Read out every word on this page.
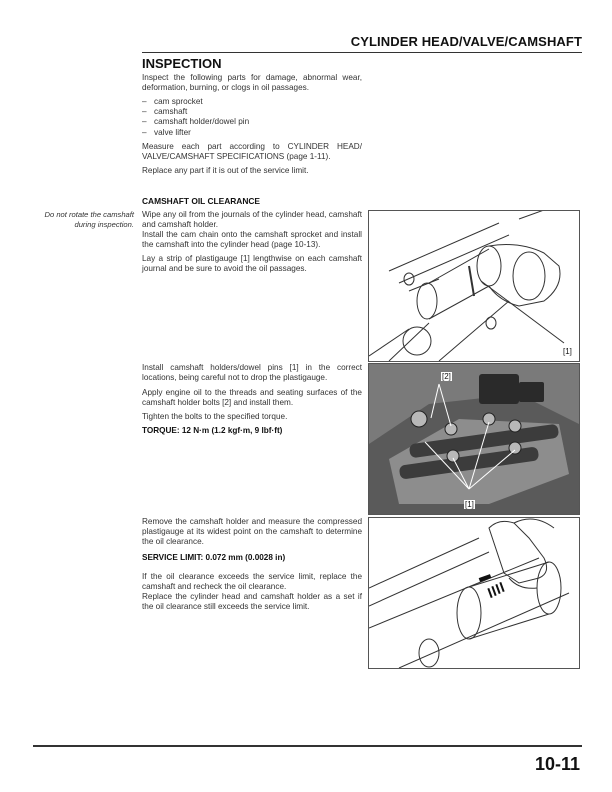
CYLINDER HEAD/VALVE/CAMSHAFT
INSPECTION

Inspect the following parts for damage, abnormal wear, deformation, burning, or clogs in oil passages.

– cam sprocket
– camshaft
– camshaft holder/dowel pin
– valve lifter

Measure each part according to CYLINDER HEAD/ VALVE/CAMSHAFT SPECIFICATIONS (page 1-11).

Replace any part if it is out of the service limit.

CAMSHAFT OIL CLEARANCE
Do not rotate the camshaft during inspection.

Wipe any oil from the journals of the cylinder head, camshaft and camshaft holder.

Install the cam chain onto the camshaft sprocket and install the camshaft into the cylinder head (page 10-13).

Lay a strip of plastigauge [1] lengthwise on each camshaft journal and be sure to avoid the oil passages.

Install camshaft holders/dowel pins [1] in the correct locations, being careful not to drop the plastigauge.

Apply engine oil to the threads and seating surfaces of the camshaft holder bolts [2] and install them.

Tighten the bolts to the specified torque.

TORQUE: 12 N·m (1.2 kgf·m, 9 lbf·ft)

Remove the camshaft holder and measure the compressed plastigauge at its widest point on the camshaft to determine the oil clearance.

SERVICE LIMIT: 0.072 mm (0.0028 in)

If the oil clearance exceeds the service limit, replace the camshaft and recheck the oil clearance.

Replace the cylinder head and camshaft holder as a set if the oil clearance still exceeds the service limit.

[1]
[2]
[1]
10-11
